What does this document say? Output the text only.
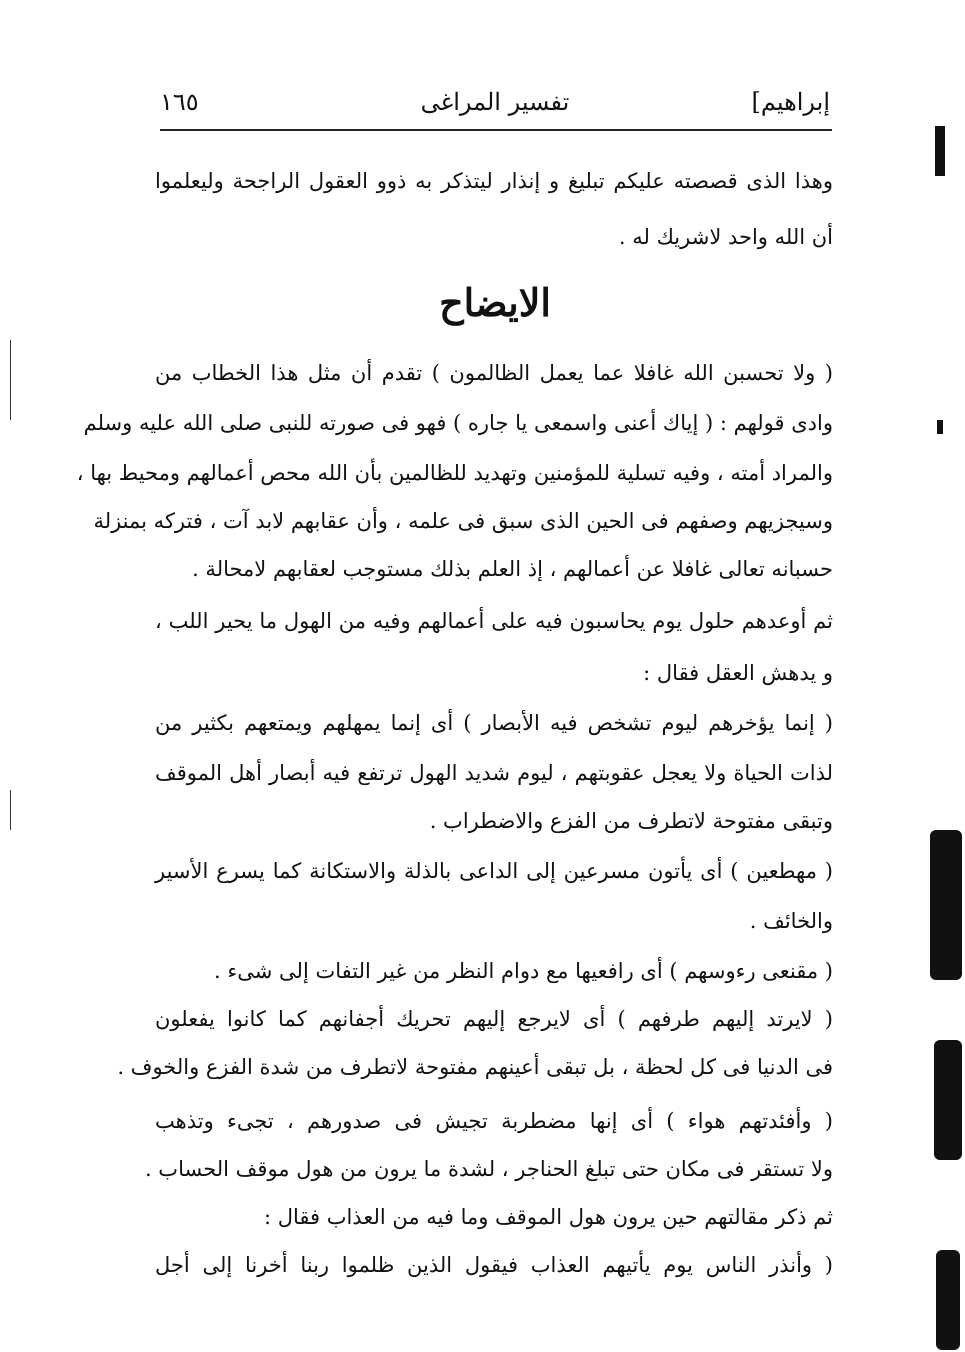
إبراهيم]
تفسير المراغى
١٦٥
وهذا الذى قصصته عليكم تبليغ و إنذار ليتذكر به ذوو العقول الراجحة وليعلموا
أن الله واحد لاشريك له .
الايضاح
( ولا تحسبن الله غافلا عما يعمل الظالمون ) تقدم أن مثل هذا الخطاب من
وادى قولهم : ( إياك أعنى واسمعى يا جاره ) فهو فى صورته للنبى صلى الله عليه وسلم
والمراد أمته ، وفيه تسلية للمؤمنين وتهديد للظالمين بأن الله محص أعمالهم ومحيط بها ،
وسيجزيهم وصفهم فى الحين الذى سبق فى علمه ، وأن عقابهم لابد آت ، فتركه بمنزلة
حسبانه تعالى غافلا عن أعمالهم ، إذ العلم بذلك مستوجب لعقابهم لامحالة .
ثم أوعدهم حلول يوم يحاسبون فيه على أعمالهم وفيه من الهول ما يحير اللب ،
و يدهش العقل فقال :
( إنما يؤخرهم ليوم تشخص فيه الأبصار ) أى إنما يمهلهم ويمتعهم بكثير من
لذات الحياة ولا يعجل عقوبتهم ، ليوم شديد الهول ترتفع فيه أبصار أهل الموقف
وتبقى مفتوحة لاتطرف من الفزع والاضطراب .
( مهطعين ) أى يأتون مسرعين إلى الداعى بالذلة والاستكانة كما يسرع الأسير
والخائف .
( مقنعى رءوسهم ) أى رافعيها مع دوام النظر من غير التفات إلى شىء .
( لايرتد إليهم طرفهم ) أى لايرجع إليهم تحريك أجفانهم كما كانوا يفعلون
فى الدنيا فى كل لحظة ، بل تبقى أعينهم مفتوحة لاتطرف من شدة الفزع والخوف .
( وأفئدتهم هواء ) أى إنها مضطربة تجيش فى صدورهم ، تجىء وتذهب
ولا تستقر فى مكان حتى تبلغ الحناجر ، لشدة ما يرون من هول موقف الحساب .
ثم ذكر مقالتهم حين يرون هول الموقف وما فيه من العذاب فقال :
( وأنذر الناس يوم يأتيهم العذاب فيقول الذين ظلموا ربنا أخرنا إلى أجل
